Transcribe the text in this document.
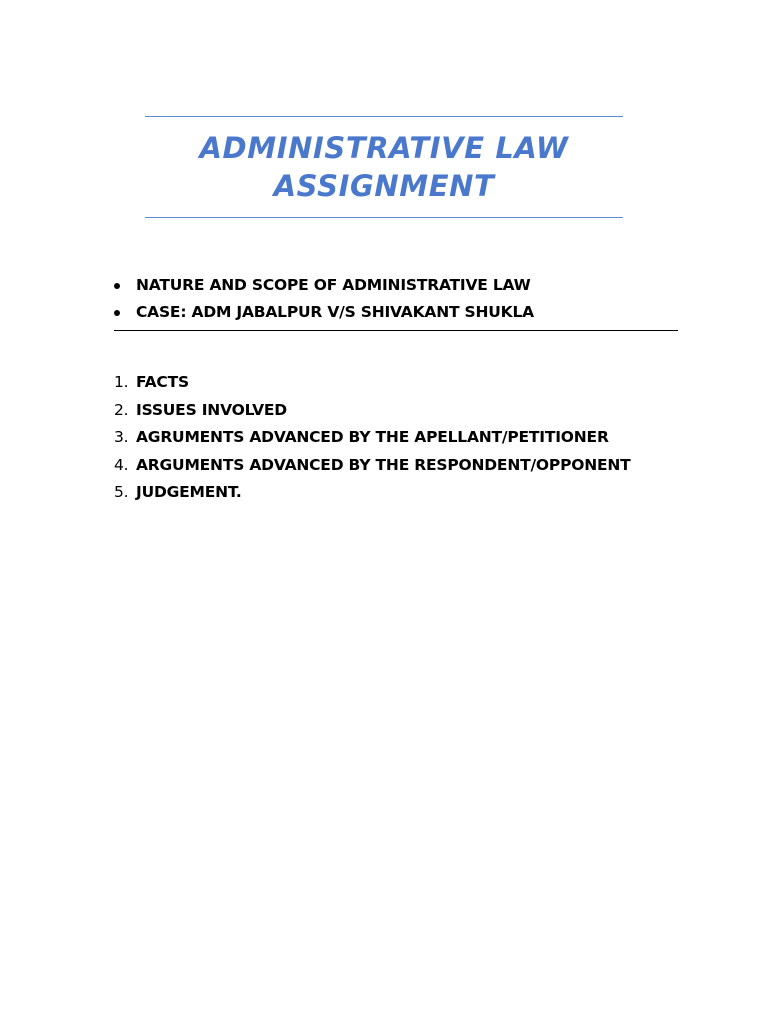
ADMINISTRATIVE LAW
ASSIGNMENT
NATURE AND SCOPE OF ADMINISTRATIVE LAW
CASE: ADM JABALPUR V/S SHIVAKANT SHUKLA
1. FACTS
2. ISSUES INVOLVED
3. AGRUMENTS ADVANCED BY THE APELLANT/PETITIONER
4. ARGUMENTS ADVANCED BY THE RESPONDENT/OPPONENT
5. JUDGEMENT.
